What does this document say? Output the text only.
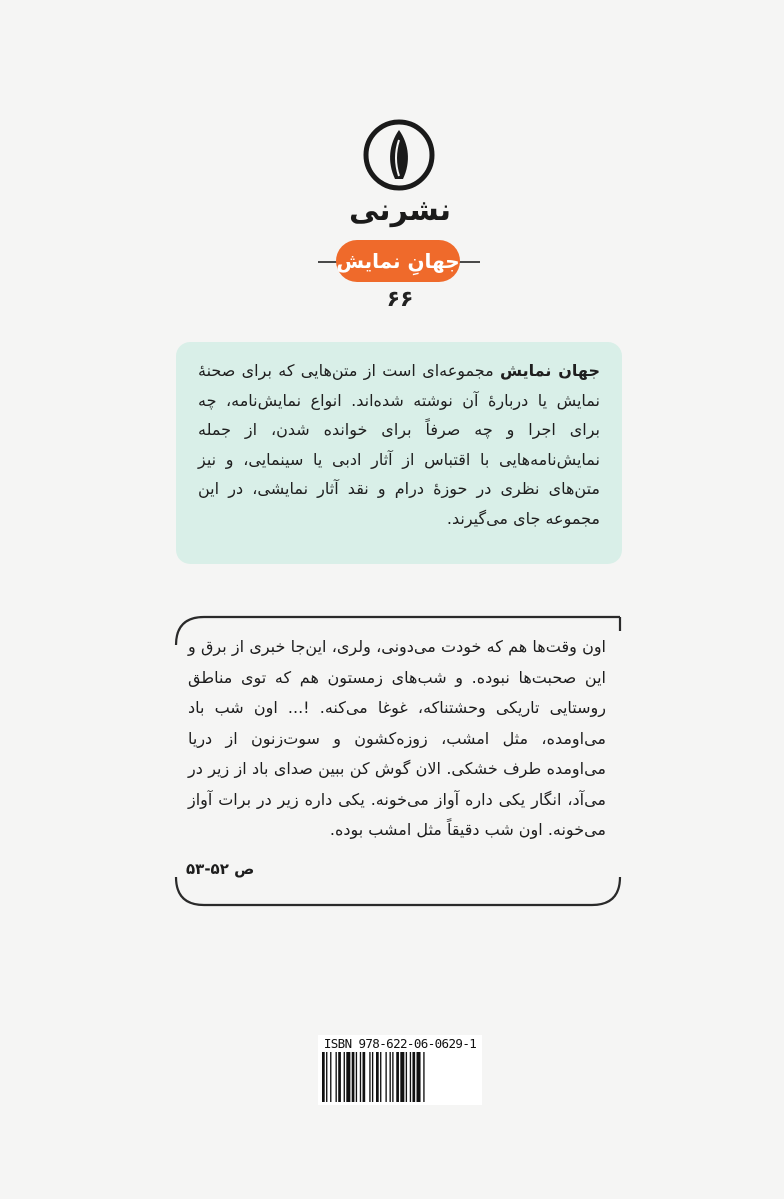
نشرنی
جهانِ نمایش
۶۶
جهان نمایش مجموعه‌ای است از متن‌هایی که برای صحنهٔ نمایش یا دربارهٔ آن نوشته شده‌اند. انواع نمایش‌نامه، چه برای اجرا و چه صرفاً برای خوانده شدن، از جمله نمایش‌نامه‌هایی با اقتباس از آثار ادبی یا سینمایی، و نیز متن‌های نظری در حوزهٔ درام و نقد آثار نمایشی، در این مجموعه جای می‌گیرند.
اون وقت‌ها هم که خودت می‌دونی، ولری، این‌جا خبری از برق و این صحبت‌ها نبوده. و شب‌های زمستون هم که توی مناطق روستایی تاریکی وحشتناکه، غوغا می‌کنه. !... اون شب باد می‌اومده، مثل امشب، زوزه‌کشون و سوت‌زنون از دریا می‌اومده طرف خشکی. الان گوش کن ببین صدای باد از زیر در می‌آد، انگار یکی داره آواز می‌خونه. یکی داره زیر در برات آواز می‌خونه. اون شب دقیقاً مثل امشب بوده.
ص ۵۲-۵۳
ISBN 978-622-06-0629-1
